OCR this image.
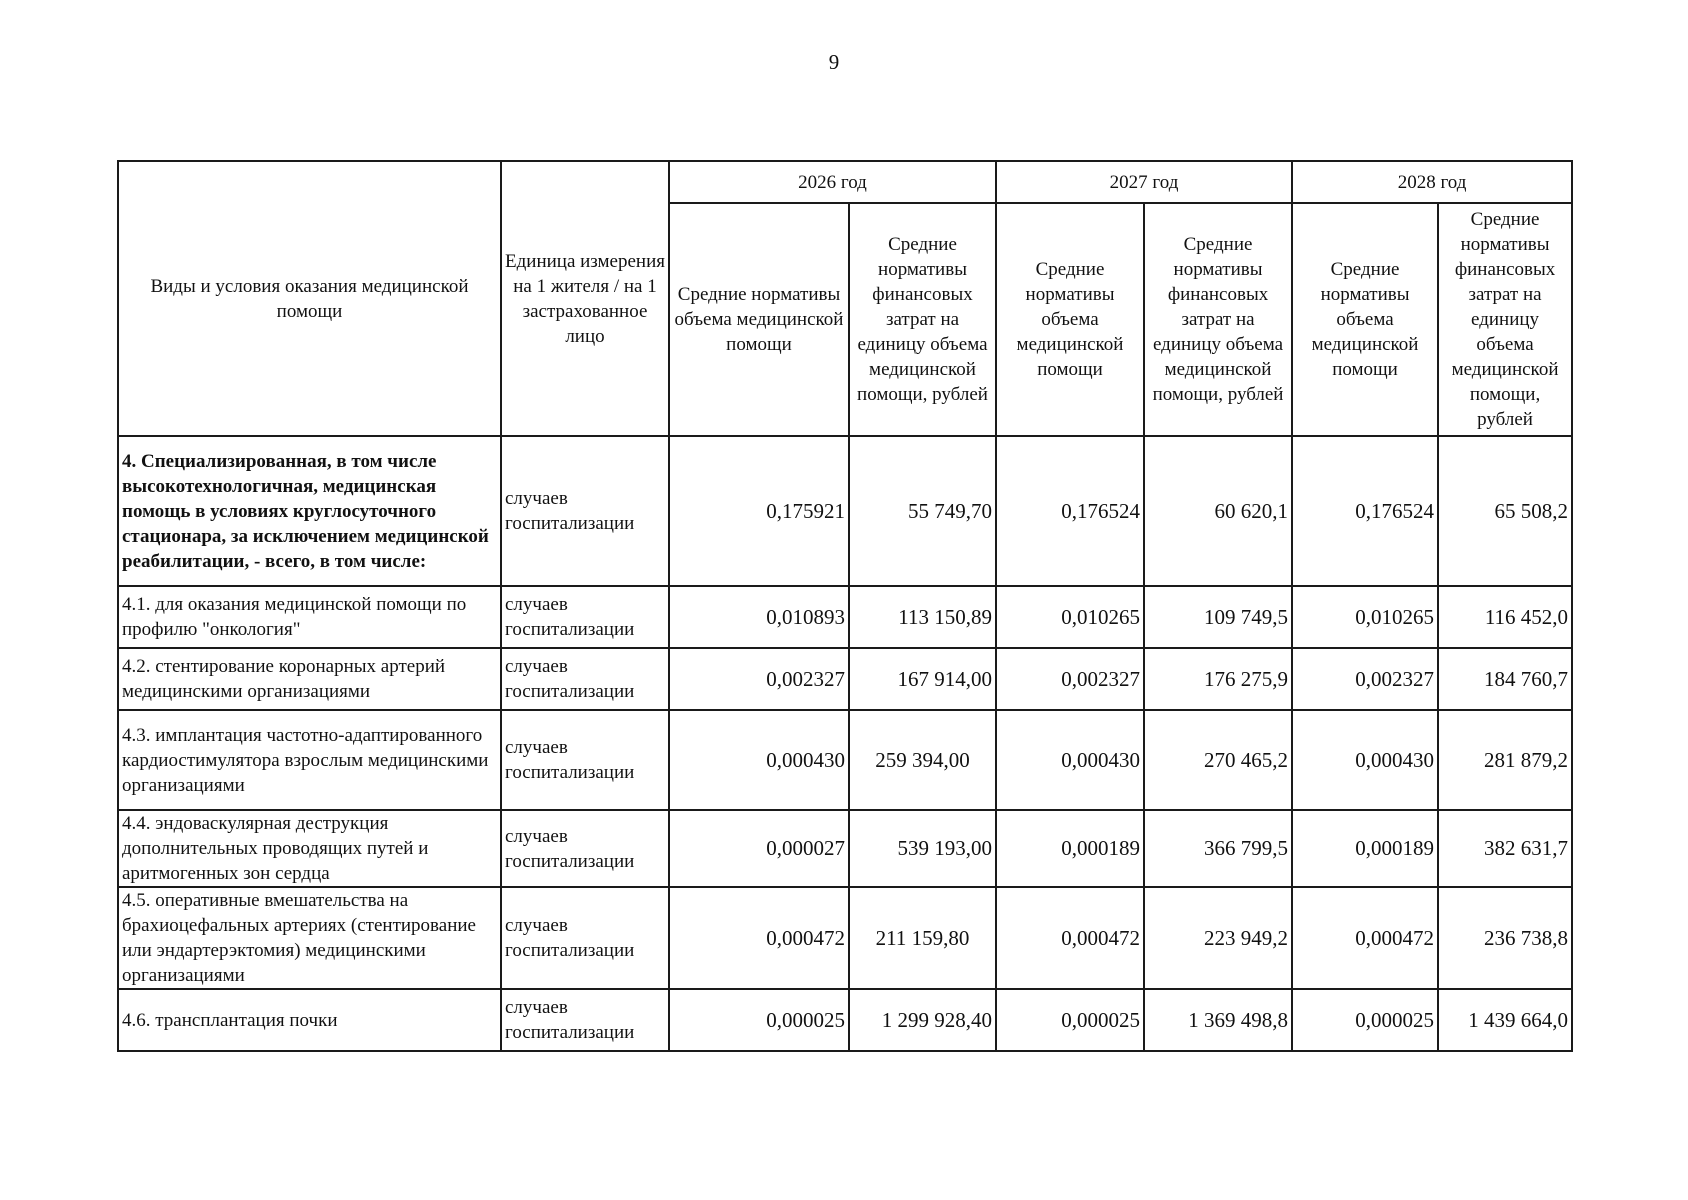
9
Виды и условия оказания медицинской помощи	Единица измерения на 1 жителя / на 1 застрахованное лицо	2026 год		2027 год		2028 год	
		Средние нормативы объема медицинской помощи	Средние нормативы финансовых затрат на единицу объема медицинской помощи, рублей	Средние нормативы объема медицинской помощи	Средние нормативы финансовых затрат на единицу объема медицинской помощи, рублей	Средние нормативы объема медицинской помощи	Средние нормативы финансовых затрат на единицу объема медицинской помощи, рублей
4. Специализированная, в том числе высокотехнологичная, медицинская помощь в условиях круглосуточного стационара, за исключением медицинской реабилитации, - всего, в том числе:	случаев госпитализации	0,175921	55 749,70	0,176524	60 620,1	0,176524	65 508,2
4.1. для оказания медицинской помощи по профилю "онкология"	случаев госпитализации	0,010893	113 150,89	0,010265	109 749,5	0,010265	116 452,0
4.2. стентирование коронарных артерий медицинскими организациями	случаев госпитализации	0,002327	167 914,00	0,002327	176 275,9	0,002327	184 760,7
4.3. имплантация частотно-адаптированного кардиостимулятора взрослым медицинскими организациями	случаев госпитализации	0,000430	259 394,00	0,000430	270 465,2	0,000430	281 879,2
4.4. эндоваскулярная деструкция дополнительных проводящих путей и аритмогенных зон сердца	случаев госпитализации	0,000027	539 193,00	0,000189	366 799,5	0,000189	382 631,7
4.5. оперативные вмешательства на брахиоцефальных артериях (стентирование или эндартерэктомия) медицинскими организациями	случаев госпитализации	0,000472	211 159,80	0,000472	223 949,2	0,000472	236 738,8
4.6. трансплантация почки	случаев госпитализации	0,000025	1 299 928,40	0,000025	1 369 498,8	0,000025	1 439 664,0
